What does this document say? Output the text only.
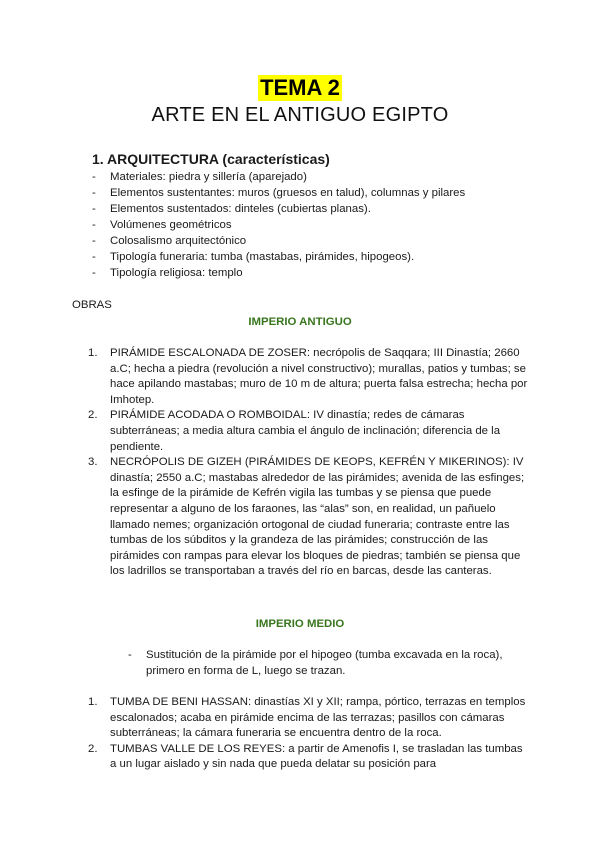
TEMA 2
ARTE EN EL ANTIGUO EGIPTO
1. ARQUITECTURA (características)
- Materiales: piedra y sillería (aparejado)
- Elementos sustentantes: muros (gruesos en talud), columnas y pilares
- Elementos sustentados: dinteles (cubiertas planas).
- Volúmenes geométricos
- Colosalismo arquitectónico
- Tipología funeraria: tumba (mastabas, pirámides, hipogeos).
- Tipología religiosa: templo
OBRAS
IMPERIO ANTIGUO
1. PIRÁMIDE ESCALONADA DE ZOSER: necrópolis de Saqqara; III Dinastía; 2660 a.C; hecha a piedra (revolución a nivel constructivo); murallas, patios y tumbas; se hace apilando mastabas; muro de 10 m de altura; puerta falsa estrecha; hecha por Imhotep.
2. PIRÁMIDE ACODADA O ROMBOIDAL: IV dinastía; redes de cámaras subterráneas; a media altura cambia el ángulo de inclinación; diferencia de la pendiente.
3. NECRÓPOLIS DE GIZEH (PIRÁMIDES DE KEOPS, KEFRÉN Y MIKERINOS): IV dinastía; 2550 a.C; mastabas alrededor de las pirámides; avenida de las esfinges; la esfinge de la pirámide de Kefrén vigila las tumbas y se piensa que puede representar a alguno de los faraones, las “alas” son, en realidad, un pañuelo llamado nemes; organización ortogonal de ciudad funeraria; contraste entre las tumbas de los súbditos y la grandeza de las pirámides; construcción de las pirámides con rampas para elevar los bloques de piedras; también se piensa que los ladrillos se transportaban a través del río en barcas, desde las canteras.
IMPERIO MEDIO
- Sustitución de la pirámide por el hipogeo (tumba excavada en la roca), primero en forma de L, luego se trazan.
1. TUMBA DE BENI HASSAN: dinastías XI y XII; rampa, pórtico, terrazas en templos escalonados; acaba en pirámide encima de las terrazas; pasillos con cámaras subterráneas; la cámara funeraria se encuentra dentro de la roca.
2. TUMBAS VALLE DE LOS REYES: a partir de Amenofis I, se trasladan las tumbas a un lugar aislado y sin nada que pueda delatar su posición para
